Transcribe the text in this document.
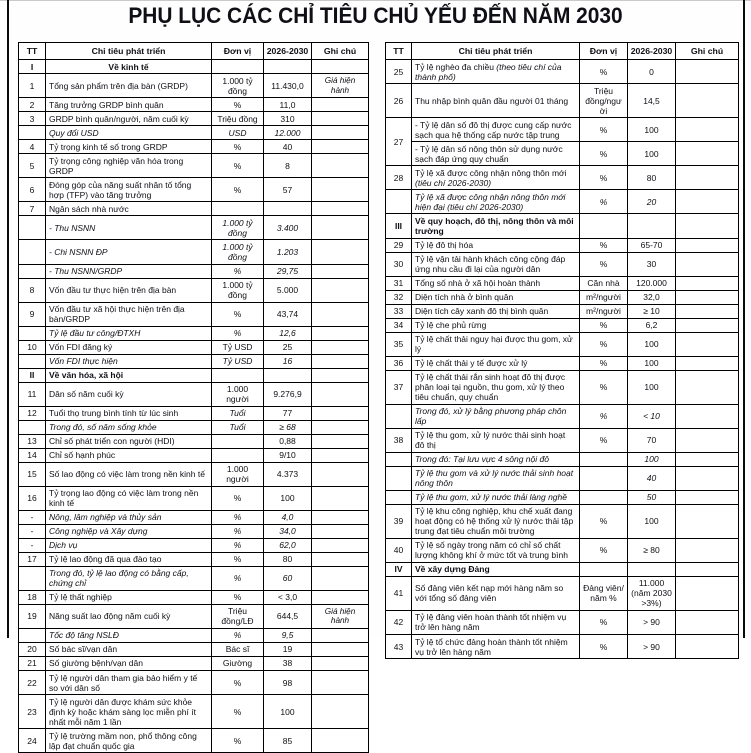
PHỤ LỤC CÁC CHỈ TIÊU CHỦ YẾU ĐẾN NĂM 2030
TT	Chỉ tiêu phát triển	Đơn vị	2026-2030	Ghi chú
I	Về kinh tế			
1	Tổng sản phẩm trên địa bàn (GRDP)	1.000 tỷ đồng	11.430,0	Giá hiện hành
2	Tăng trưởng GRDP bình quân	%	11,0	
3	GRDP bình quân/người, năm cuối kỳ	Triệu đồng	310	
	Quy đổi USD	USD	12.000	
4	Tỷ trọng kinh tế số trong GRDP	%	40	
5	Tỷ trọng công nghiệp văn hóa trong GRDP	%	8	
6	Đóng góp của năng suất nhân tố tổng hợp (TFP) vào tăng trưởng	%	57	
7	Ngân sách nhà nước			
	- Thu NSNN	1.000 tỷ đồng	3.400	
	- Chi NSNN ĐP	1.000 tỷ đồng	1.203	
	- Thu NSNN/GRDP	%	29,75	
8	Vốn đầu tư thực hiện trên địa bàn	1.000 tỷ đồng	5.000	
9	Vốn đầu tư xã hội thực hiện trên địa bàn/GRDP	%	43,74	
	Tỷ lệ đầu tư công/ĐTXH	%	12,6	
10	Vốn FDI đăng ký	Tỷ USD	25	
	Vốn FDI thực hiện	Tỷ USD	16	
II	Về văn hóa, xã hội			
11	Dân số năm cuối kỳ	1.000 người	9.276,9	
12	Tuổi thọ trung bình tính từ lúc sinh	Tuổi	77	
	Trong đó, số năm sống khỏe	Tuổi	≥ 68	
13	Chỉ số phát triển con người (HDI)		0,88	
14	Chỉ số hạnh phúc		9/10	
15	Số lao động có việc làm trong nền kinh tế	1.000 người	4.373	
16	Tỷ trọng lao động có việc làm trong nền kinh tế	%	100	
-	Nông, lâm nghiệp và thủy sản	%	4,0	
-	Công nghiệp và Xây dựng	%	34,0	
-	Dịch vụ	%	62,0	
17	Tỷ lệ lao động đã qua đào tạo	%	80	
	Trong đó, tỷ lệ lao động có bằng cấp, chứng chỉ	%	60	
18	Tỷ lệ thất nghiệp	%	< 3,0	
19	Năng suất lao động năm cuối kỳ	Triệu đồng/LĐ	644,5	Giá hiện hành
	Tốc độ tăng NSLĐ	%	9,5	
20	Số bác sĩ/vạn dân	Bác sĩ	19	
21	Số giường bệnh/vạn dân	Giường	38	
22	Tỷ lệ người dân tham gia bảo hiểm y tế so với dân số	%	98	
23	Tỷ lệ người dân được khám sức khỏe định kỳ hoặc khám sàng lọc miễn phí ít nhất mỗi năm 1 lần	%	100	
24	Tỷ lệ trường mầm non, phổ thông công lập đạt chuẩn quốc gia	%	85	
TT	Chỉ tiêu phát triển	Đơn vị	2026-2030	Ghi chú
25	Tỷ lệ nghèo đa chiều (theo tiêu chí của thành phố)	%	0	
26	Thu nhập bình quân đầu người 01 tháng	Triệu đồng/người	14,5	
27	- Tỷ lệ dân số đô thị được cung cấp nước sạch qua hệ thống cấp nước tập trung	%	100	
	- Tỷ lệ dân số nông thôn sử dụng nước sạch đáp ứng quy chuẩn	%	100	
28	Tỷ lệ xã được công nhận nông thôn mới (tiêu chí 2026-2030)	%	80	
	Tỷ lệ xã được công nhận nông thôn mới hiện đại (tiêu chí 2026-2030)	%	20	
III	Về quy hoạch, đô thị, nông thôn và môi trường			
29	Tỷ lệ đô thị hóa	%	65-70	
30	Tỷ lệ vận tải hành khách công cộng đáp ứng nhu cầu đi lại của người dân	%	30	
31	Tổng số nhà ở xã hội hoàn thành	Căn nhà	120.000	
32	Diện tích nhà ở bình quân	m²/người	32,0	
33	Diện tích cây xanh đô thị bình quân	m²/người	≥ 10	
34	Tỷ lệ che phủ rừng	%	6,2	
35	Tỷ lệ chất thải nguy hại được thu gom, xử lý	%	100	
36	Tỷ lệ chất thải y tế được xử lý	%	100	
37	Tỷ lệ chất thải rắn sinh hoạt đô thị được phân loại tại nguồn, thu gom, xử lý theo tiêu chuẩn, quy chuẩn	%	100	
	Trong đó, xử lý bằng phương pháp chôn lấp	%	< 10	
38	Tỷ lệ thu gom, xử lý nước thải sinh hoạt đô thị	%	70	
	Trong đó: Tại lưu vực 4 sông nội đô		100	
	Tỷ lệ thu gom và xử lý nước thải sinh hoạt nông thôn		40	
	Tỷ lệ thu gom, xử lý nước thải làng nghề		50	
39	Tỷ lệ khu công nghiệp, khu chế xuất đang hoạt động có hệ thống xử lý nước thải tập trung đạt tiêu chuẩn môi trường	%	100	
40	Tỷ lệ số ngày trong năm có chỉ số chất lượng không khí ở mức tốt và trung bình	%	≥ 80	
IV	Về xây dựng Đảng			
41	Số đảng viên kết nạp mới hàng năm so với tổng số đảng viên	Đảng viên/ năm %	11.000 (năm 2030 >3%)	
42	Tỷ lệ đảng viên hoàn thành tốt nhiệm vụ trở lên hàng năm	%	> 90	
43	Tỷ lệ tổ chức đảng hoàn thành tốt nhiệm vụ trở lên hàng năm	%	> 90	
